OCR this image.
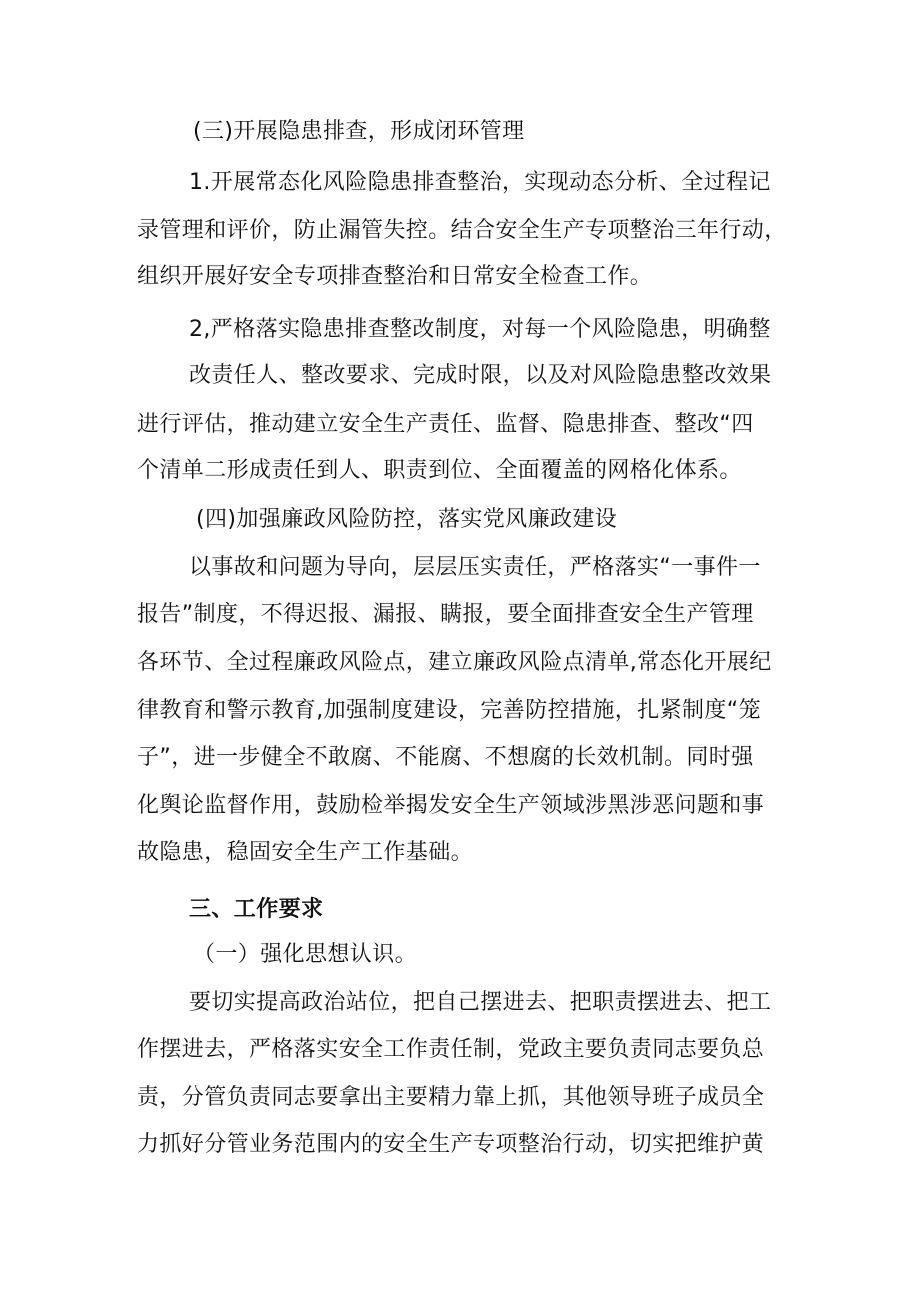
(三)开展隐患排查，形成闭环管理
1.开展常态化风险隐患排查整治，实现动态分析、全过程记
录管理和评价，防止漏管失控。结合安全生产专项整治三年行动，
组织开展好安全专项排查整治和日常安全检查工作。
2,严格落实隐患排查整改制度，对每一个风险隐患，明确整
改责任人、整改要求、完成时限，以及对风险隐患整改效果
进行评估，推动建立安全生产责任、监督、隐患排查、整改“四
个清单二形成责任到人、职责到位、全面覆盖的网格化体系。
(四)加强廉政风险防控，落实党风廉政建设
以事故和问题为导向，层层压实责任，严格落实“一事件一
报告”制度，不得迟报、漏报、瞒报，要全面排查安全生产管理
各环节、全过程廉政风险点，建立廉政风险点清单,常态化开展纪
律教育和警示教育,加强制度建设，完善防控措施，扎紧制度“笼
子”，进一步健全不敢腐、不能腐、不想腐的长效机制。同时强
化舆论监督作用，鼓励检举揭发安全生产领域涉黑涉恶问题和事
故隐患，稳固安全生产工作基础。
三、工作要求
（一）强化思想认识。
要切实提高政治站位，把自己摆进去、把职责摆进去、把工
作摆进去，严格落实安全工作责任制，党政主要负责同志要负总
责，分管负责同志要拿出主要精力靠上抓，其他领导班子成员全
力抓好分管业务范围内的安全生产专项整治行动，切实把维护黄
